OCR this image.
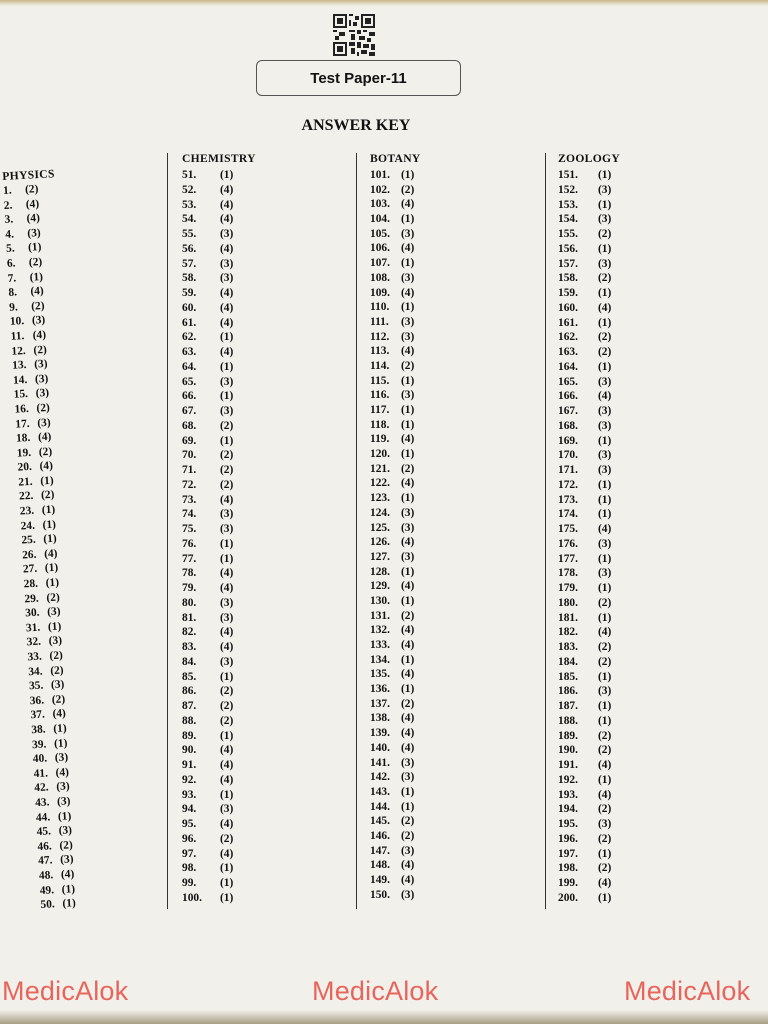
Test Paper-11
ANSWER KEY
PHYSICS
1.	(2)
2.	(4)
3.	(4)
4.	(3)
5.	(1)
6.	(2)
7.	(1)
8.	(4)
9.	(2)
10. (3)
11. (4)
12. (2)
13. (3)
14. (3)
15. (3)
16. (2)
17. (3)
18. (4)
19. (2)
20. (4)
21. (1)
22. (2)
23. (1)
24. (1)
25. (1)
26. (4)
27. (1)
28. (1)
29. (2)
30. (3)
31. (1)
32. (3)
33. (2)
34. (2)
35. (3)
36. (2)
37. (4)
38. (1)
39. (1)
40. (3)
41. (4)
42. (3)
43. (3)
44. (1)
45. (3)
46. (2)
47. (3)
48. (4)
49. (1)
50. (1)
CHEMISTRY
51.	(1)
52.	(4)
53.	(4)
54.	(4)
55.	(3)
56.	(4)
57.	(3)
58.	(3)
59.	(4)
60.	(4)
61.	(4)
62.	(1)
63.	(4)
64.	(1)
65.	(3)
66.	(1)
67.	(3)
68.	(2)
69.	(1)
70.	(2)
71.	(2)
72.	(2)
73.	(4)
74.	(3)
75.	(3)
76.	(1)
77.	(1)
78.	(4)
79.	(4)
80.	(3)
81.	(3)
82.	(4)
83.	(4)
84.	(3)
85.	(1)
86.	(2)
87.	(2)
88.	(2)
89.	(1)
90.	(4)
91.	(4)
92.	(4)
93.	(1)
94.	(3)
95.	(4)
96.	(2)
97.	(4)
98.	(1)
99.	(1)
100.	(1)
BOTANY
101. (1)
102. (2)
103. (4)
104. (1)
105. (3)
106. (4)
107. (1)
108. (3)
109. (4)
110.	(1)
111.	(3)
112.	(3)
113.	(4)
114.	(2)
115.	(1)
116.	(3)
117.	(1)
118.	(1)
119.	(4)
120. (1)
121. (2)
122. (4)
123. (1)
124. (3)
125. (3)
126. (4)
127. (3)
128. (1)
129. (4)
130. (1)
131. (2)
132. (4)
133. (4)
134. (1)
135. (4)
136. (1)
137. (2)
138. (4)
139. (4)
140. (4)
141. (3)
142. (3)
143. (1)
144. (1)
145. (2)
146. (2)
147. (3)
148. (4)
149. (4)
150. (3)
ZOOLOGY
151.	(1)
152.	(3)
153.	(1)
154.	(3)
155.	(2)
156.	(1)
157.	(3)
158.	(2)
159.	(1)
160.	(4)
161.	(1)
162.	(2)
163.	(2)
164.	(1)
165.	(3)
166.	(4)
167.	(3)
168.	(3)
169.	(1)
170.	(3)
171.	(3)
172.	(1)
173.	(1)
174.	(1)
175.	(4)
176.	(3)
177.	(1)
178.	(3)
179.	(1)
180.	(2)
181.	(1)
182.	(4)
183.	(2)
184.	(2)
185.	(1)
186.	(3)
187.	(1)
188.	(1)
189.	(2)
190.	(2)
191.	(4)
192.	(1)
193.	(4)
194.	(2)
195.	(3)
196.	(2)
197.	(1)
198.	(2)
199.	(4)
200.	(1)
MedicAlok	MedicAlok	MedicAlok
